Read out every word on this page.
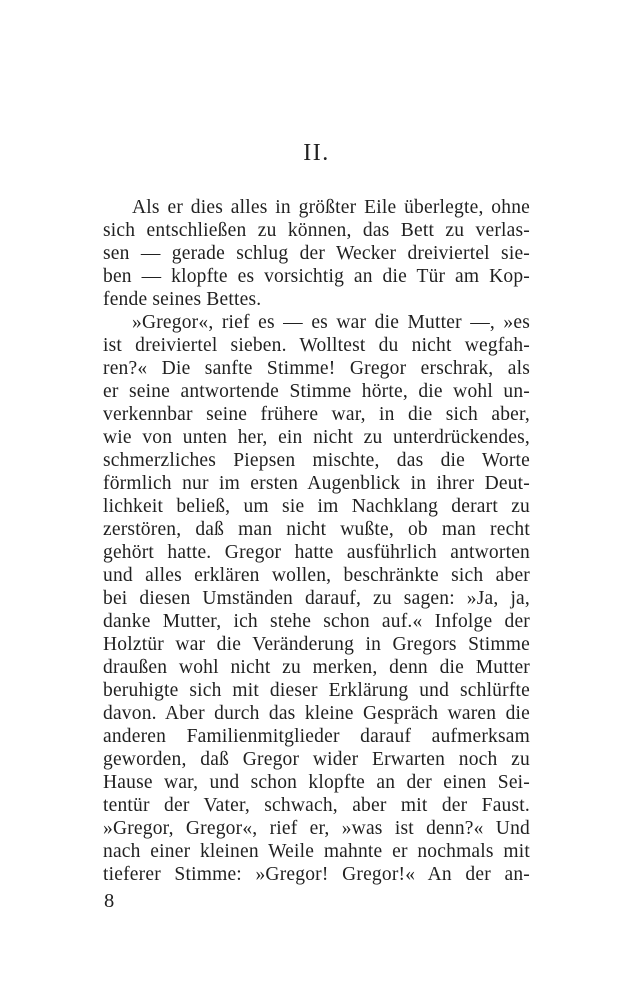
II.
Als er dies alles in größter Eile überlegte, ohne
sich entschließen zu können, das Bett zu verlas-
sen — gerade schlug der Wecker dreiviertel sie-
ben — klopfte es vorsichtig an die Tür am Kop-
fende seines Bettes.
»Gregor«, rief es — es war die Mutter —, »es
ist dreiviertel sieben. Wolltest du nicht wegfah-
ren?« Die sanfte Stimme! Gregor erschrak, als
er seine antwortende Stimme hörte, die wohl un-
verkennbar seine frühere war, in die sich aber,
wie von unten her, ein nicht zu unterdrückendes,
schmerzliches Piepsen mischte, das die Worte
förmlich nur im ersten Augenblick in ihrer Deut-
lichkeit beließ, um sie im Nachklang derart zu
zerstören, daß man nicht wußte, ob man recht
gehört hatte. Gregor hatte ausführlich antworten
und alles erklären wollen, beschränkte sich aber
bei diesen Umständen darauf, zu sagen: »Ja, ja,
danke Mutter, ich stehe schon auf.« Infolge der
Holztür war die Veränderung in Gregors Stimme
draußen wohl nicht zu merken, denn die Mutter
beruhigte sich mit dieser Erklärung und schlürfte
davon. Aber durch das kleine Gespräch waren die
anderen Familienmitglieder darauf aufmerksam
geworden, daß Gregor wider Erwarten noch zu
Hause war, und schon klopfte an der einen Sei-
tentür der Vater, schwach, aber mit der Faust.
»Gregor, Gregor«, rief er, »was ist denn?« Und
nach einer kleinen Weile mahnte er nochmals mit
tieferer Stimme: »Gregor! Gregor!« An der an-
8
